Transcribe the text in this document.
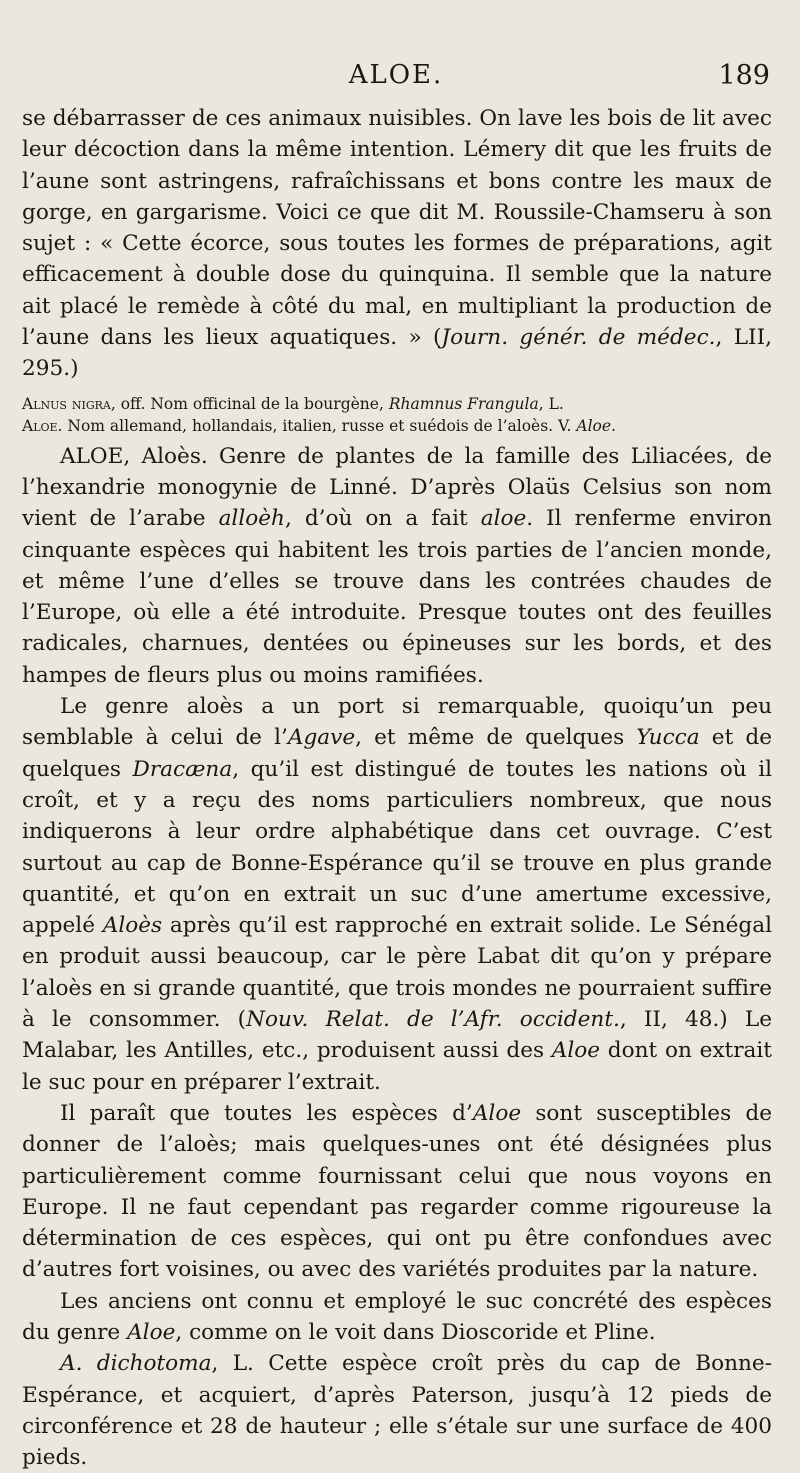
ALOE.	189

se débarrasser de ces animaux nuisibles. On lave les bois de lit avec leur décoction dans la même intention. Lémery dit que les fruits de l’aune sont astringens, rafraîchissans et bons contre les maux de gorge, en gargarisme. Voici ce que dit M. Roussile-Chamseru à son sujet : « Cette écorce, sous toutes les formes de préparations, agit efficacement à double dose du quinquina. Il semble que la nature ait placé le remède à côté du mal, en multipliant la production de l’aune dans les lieux aquatiques. » (Journ. génér. de médec., LII, 295.)

Alnus nigra, off. Nom officinal de la bourgène, Rhamnus Frangula, L.

Aloe. Nom allemand, hollandais, italien, russe et suédois de l’aloès. V. Aloe.

ALOE, Aloès. Genre de plantes de la famille des Liliacées, de l’hexandrie monogynie de Linné. D’après Olaüs Celsius son nom vient de l’arabe alloèh, d’où on a fait aloe. Il renferme environ cinquante espèces qui habitent les trois parties de l’ancien monde, et même l’une d’elles se trouve dans les contrées chaudes de l’Europe, où elle a été introduite. Presque toutes ont des feuilles radicales, charnues, dentées ou épineuses sur les bords, et des hampes de fleurs plus ou moins ramifiées.

Le genre aloès a un port si remarquable, quoiqu’un peu semblable à celui de l’Agave, et même de quelques Yucca et de quelques Dracæna, qu’il est distingué de toutes les nations où il croît, et y a reçu des noms particuliers nombreux, que nous indiquerons à leur ordre alphabétique dans cet ouvrage. C’est surtout au cap de Bonne-Espérance qu’il se trouve en plus grande quantité, et qu’on en extrait un suc d’une amertume excessive, appelé Aloès après qu’il est rapproché en extrait solide. Le Sénégal en produit aussi beaucoup, car le père Labat dit qu’on y prépare l’aloès en si grande quantité, que trois mondes ne pourraient suffire à le consommer. (Nouv. Relat. de l’Afr. occident., II, 48.) Le Malabar, les Antilles, etc., produisent aussi des Aloe dont on extrait le suc pour en préparer l’extrait.

Il paraît que toutes les espèces d’Aloe sont susceptibles de donner de l’aloès; mais quelques-unes ont été désignées plus particulièrement comme fournissant celui que nous voyons en Europe. Il ne faut cependant pas regarder comme rigoureuse la détermination de ces espèces, qui ont pu être confondues avec d’autres fort voisines, ou avec des variétés produites par la nature.

Les anciens ont connu et employé le suc concrété des espèces du genre Aloe, comme on le voit dans Dioscoride et Pline.

A. dichotoma, L. Cette espèce croît près du cap de Bonne-Espérance, et acquiert, d’après Paterson, jusqu’à 12 pieds de circonférence et 28 de hauteur ; elle s’étale sur une surface de 400 pieds.
